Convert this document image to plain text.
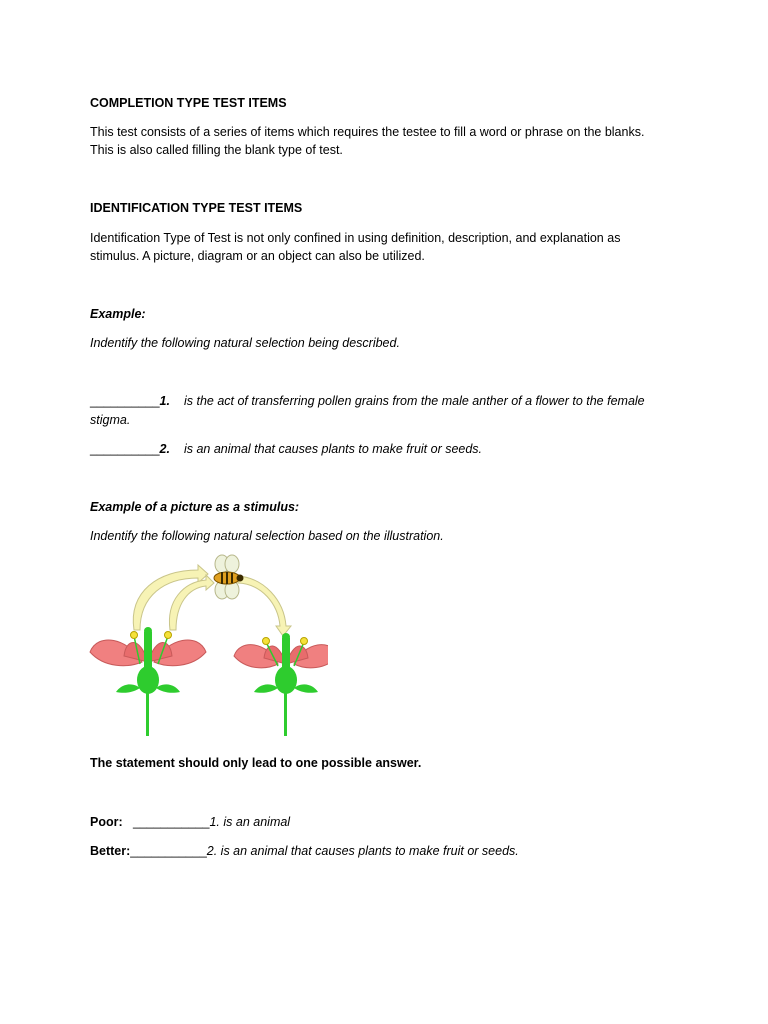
COMPLETION TYPE TEST ITEMS
This test consists of a series of items which requires the testee to fill a word or phrase on the blanks.
This is also called filling the blank type of test.
IDENTIFICATION TYPE TEST ITEMS
Identification Type of Test is not only confined in using definition, description, and explanation as
stimulus. A picture, diagram or an object can also be utilized.
Example:
Indentify the following natural selection being described.
__________1. is the act of transferring pollen grains from the male anther of a flower to the female
stigma.
__________2. is an animal that causes plants to make fruit or seeds.
Example of a picture as a stimulus:
Indentify the following natural selection based on the illustration.
The statement should only lead to one possible answer.
Poor: ___________1. is an animal
Better:___________2. is an animal that causes plants to make fruit or seeds.
